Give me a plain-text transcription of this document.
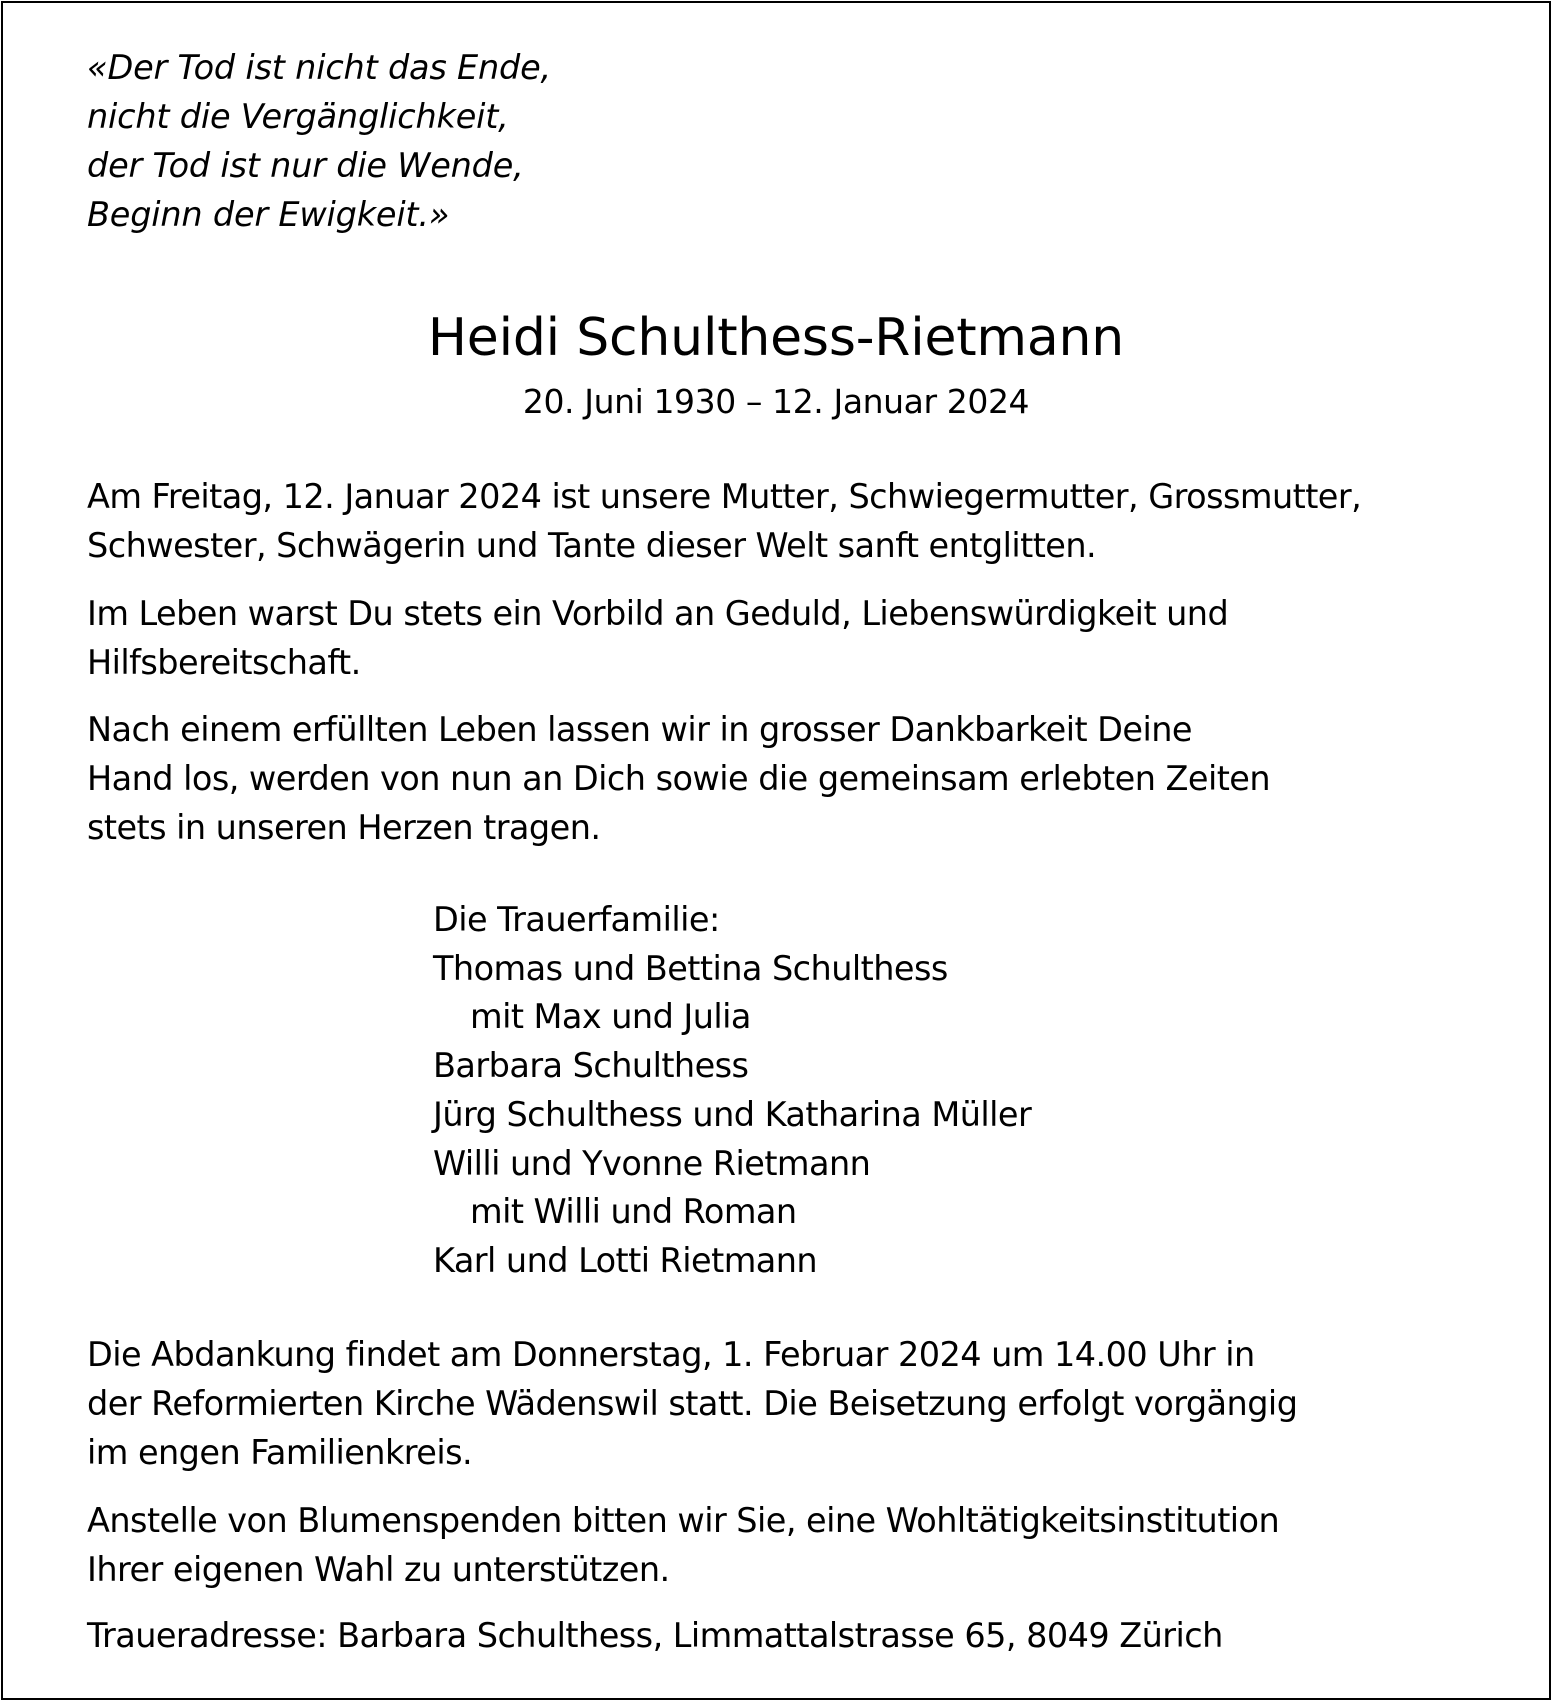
«Der Tod ist nicht das Ende,
nicht die Vergänglichkeit,
der Tod ist nur die Wende,
Beginn der Ewigkeit.»
Heidi Schulthess-Rietmann
20. Juni 1930 – 12. Januar 2024
Am Freitag, 12. Januar 2024 ist unsere Mutter, Schwiegermutter, Grossmutter,
Schwester, Schwägerin und Tante dieser Welt sanft entglitten.
Im Leben warst Du stets ein Vorbild an Geduld, Liebenswürdigkeit und
Hilfsbereitschaft.
Nach einem erfüllten Leben lassen wir in grosser Dankbarkeit Deine
Hand los, werden von nun an Dich sowie die gemeinsam erlebten Zeiten
stets in unseren Herzen tragen.
Die Trauerfamilie:
Thomas und Bettina Schulthess
mit Max und Julia
Barbara Schulthess
Jürg Schulthess und Katharina Müller
Willi und Yvonne Rietmann
mit Willi und Roman
Karl und Lotti Rietmann
Die Abdankung findet am Donnerstag, 1. Februar 2024 um 14.00 Uhr in
der Reformierten Kirche Wädenswil statt. Die Beisetzung erfolgt vorgängig
im engen Familienkreis.
Anstelle von Blumenspenden bitten wir Sie, eine Wohltätigkeitsinstitution
Ihrer eigenen Wahl zu unterstützen.
Traueradresse: Barbara Schulthess, Limmattalstrasse 65, 8049 Zürich
